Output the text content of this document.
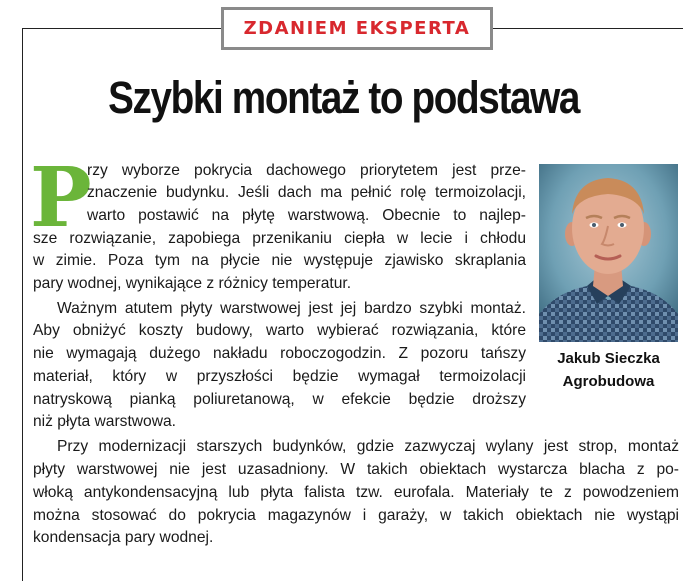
ZDANIEM EKSPERTA
Szybki montaż to podstawa
P
rzy wyborze pokrycia dachowego priorytetem jest prze-
znaczenie budynku. Jeśli dach ma pełnić rolę termoizolacji,
warto postawić na płytę warstwową. Obecnie to najlep-
sze rozwiązanie, zapobiega przenikaniu ciepła w lecie i chłodu
w zimie. Poza tym na płycie nie występuje zjawisko skraplania
pary wodnej, wynikające z różnicy temperatur.
Ważnym atutem płyty warstwowej jest jej bardzo szybki montaż.
Aby obniżyć koszty budowy, warto wybierać rozwiązania, które
nie wymagają dużego nakładu roboczogodzin. Z pozoru tańszy
materiał, który w przyszłości będzie wymagał termoizolacji
natryskową pianką poliuretanową, w efekcie będzie droższy
niż płyta warstwowa.
Przy modernizacji starszych budynków, gdzie zazwyczaj wylany jest strop, montaż
płyty warstwowej nie jest uzasadniony. W takich obiektach wystarcza blacha z po-
włoką antykondensacyjną lub płyta falista tzw. eurofala. Materiały te z powodzeniem
można stosować do pokrycia magazynów i garaży, w takich obiektach nie wystąpi
kondensacja pary wodnej.
Jakub Sieczka
Agrobudowa
